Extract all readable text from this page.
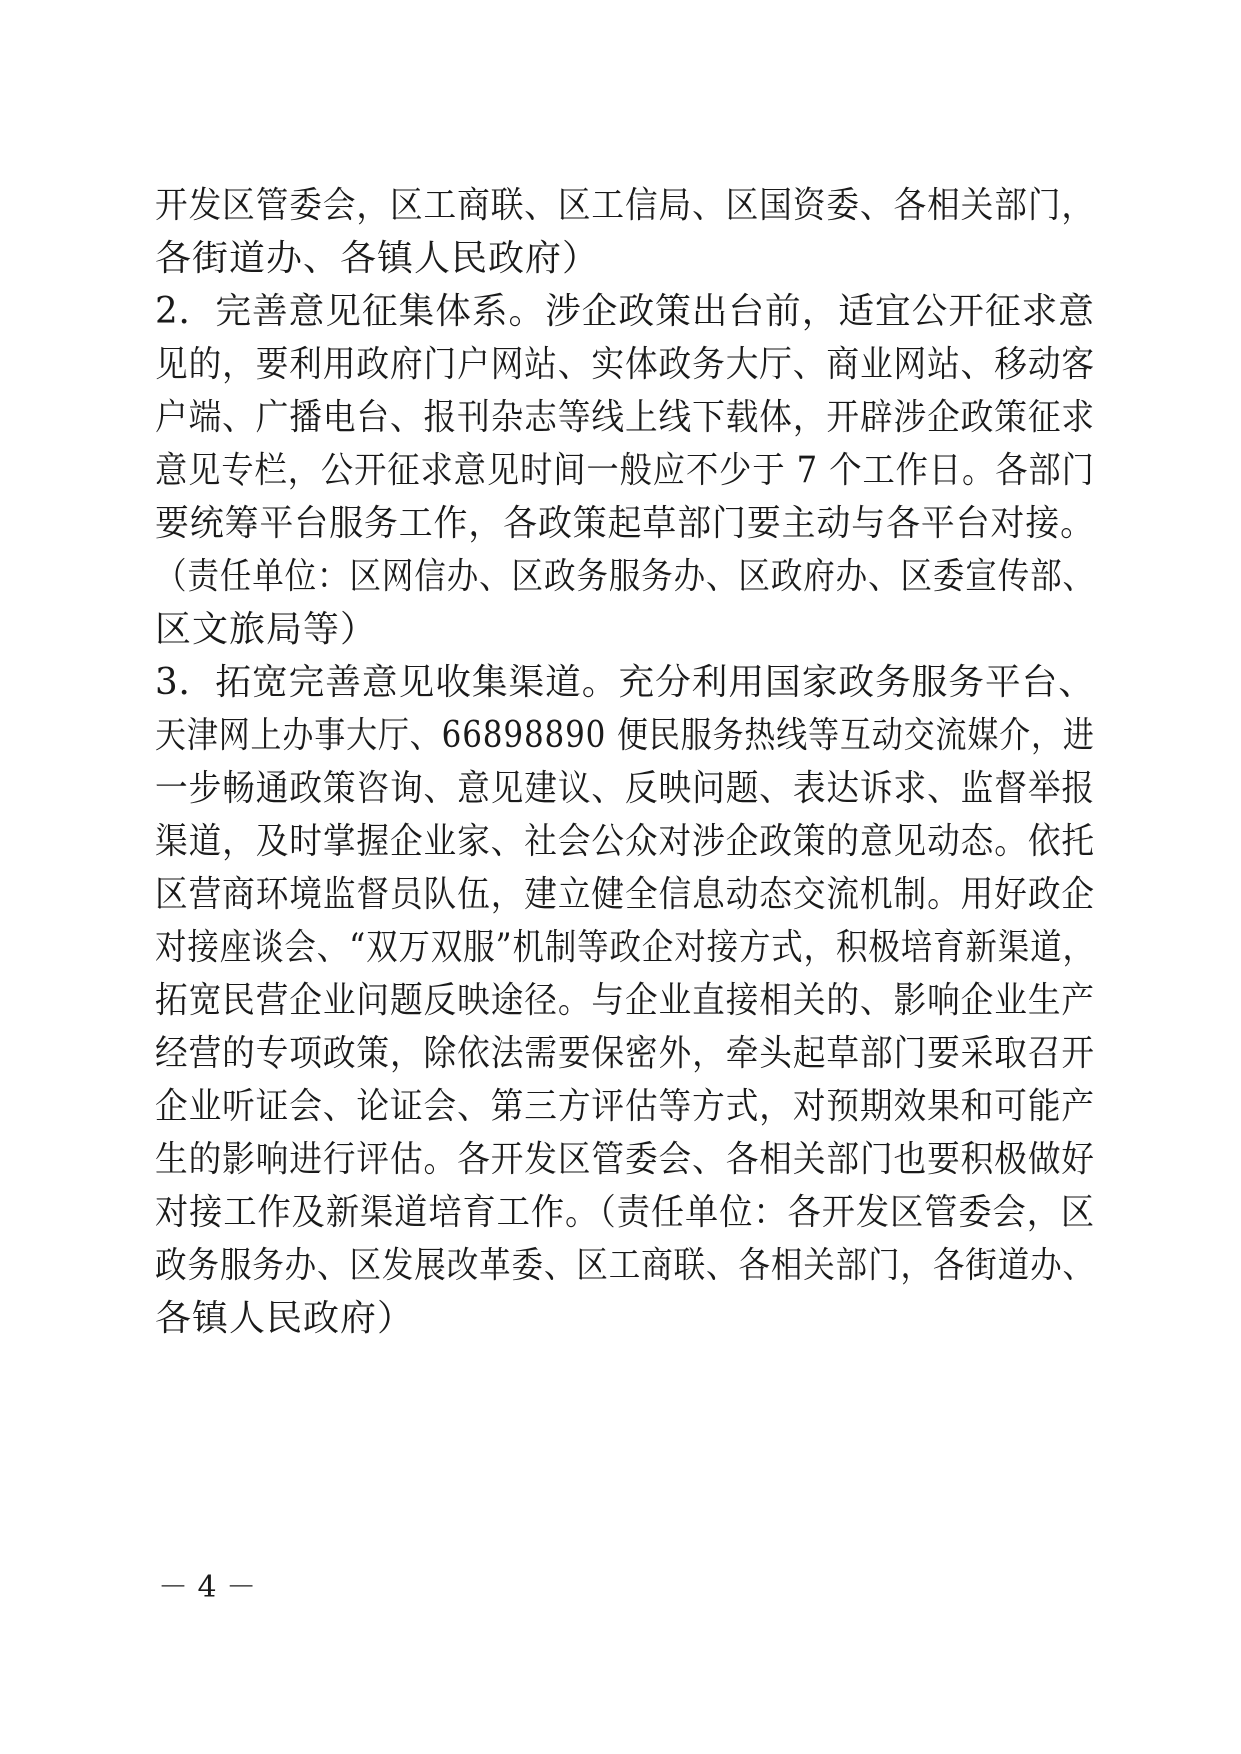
开发区管委会，区工商联、区工信局、区国资委、各相关部门，
各街道办、各镇人民政府）
2．完善意见征集体系。涉企政策出台前，适宜公开征求意
见的，要利用政府门户网站、实体政务大厅、商业网站、移动客
户端、广播电台、报刊杂志等线上线下载体，开辟涉企政策征求
意见专栏，公开征求意见时间一般应不少于 7 个工作日。各部门
要统筹平台服务工作，各政策起草部门要主动与各平台对接。
（责任单位：区网信办、区政务服务办、区政府办、区委宣传部、
区文旅局等）
3．拓宽完善意见收集渠道。充分利用国家政务服务平台、
天津网上办事大厅、66898890 便民服务热线等互动交流媒介，进
一步畅通政策咨询、意见建议、反映问题、表达诉求、监督举报
渠道，及时掌握企业家、社会公众对涉企政策的意见动态。依托
区营商环境监督员队伍，建立健全信息动态交流机制。用好政企
对接座谈会、“双万双服”机制等政企对接方式，积极培育新渠道，
拓宽民营企业问题反映途径。与企业直接相关的、影响企业生产
经营的专项政策，除依法需要保密外，牵头起草部门要采取召开
企业听证会、论证会、第三方评估等方式，对预期效果和可能产
生的影响进行评估。各开发区管委会、各相关部门也要积极做好
对接工作及新渠道培育工作。（责任单位：各开发区管委会，区
政务服务办、区发展改革委、区工商联、各相关部门，各街道办、
各镇人民政府）
－ 4 －
